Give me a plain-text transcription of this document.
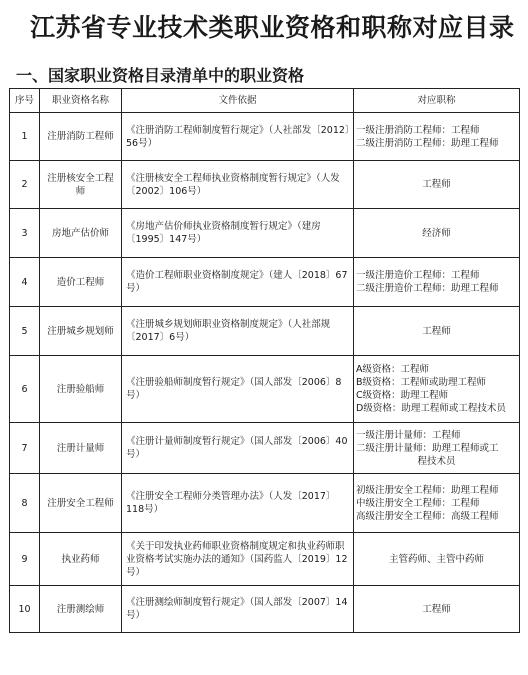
江苏省专业技术类职业资格和职称对应目录
一、国家职业资格目录清单中的职业资格
序号	职业资格名称	文件依据	对应职称
1	注册消防工程师	《注册消防工程师制度暂行规定》（人社部发〔2012〕56号）	一级注册消防工程师：工程师
二级注册消防工程师：助理工程师

2	注册核安全工程师	《注册核安全工程师执业资格制度暂行规定》（人发〔2002〕106号）	工程师

3	房地产估价师	《房地产估价师执业资格制度暂行规定》（建房〔1995〕147号）	经济师

4	造价工程师	《造价工程师职业资格制度规定》（建人〔2018〕67号）	一级注册造价工程师：工程师
二级注册造价工程师：助理工程师

5	注册城乡规划师	《注册城乡规划师职业资格制度规定》（人社部规〔2017〕6号）	工程师

6	注册验船师	《注册验船师制度暂行规定》（国人部发〔2006〕8号）	A级资格：工程师
B级资格：工程师或助理工程师
C级资格：助理工程师
D级资格：助理工程师或工程技术员

7	注册计量师	《注册计量师制度暂行规定》（国人部发〔2006〕40号）	一级注册计量师：工程师
二级注册计量师：助理工程师或工
程技术员

8	注册安全工程师	《注册安全工程师分类管理办法》（人发〔2017〕118号）	初级注册安全工程师：助理工程师
中级注册安全工程师：工程师
高级注册安全工程师：高级工程师

9	执业药师	《关于印发执业药师职业资格制度规定和执业药师职业资格考试实施办法的通知》（国药监人〔2019〕12号）	主管药师、主管中药师

10	注册测绘师	《注册测绘师制度暂行规定》（国人部发〔2007〕14号）	工程师
